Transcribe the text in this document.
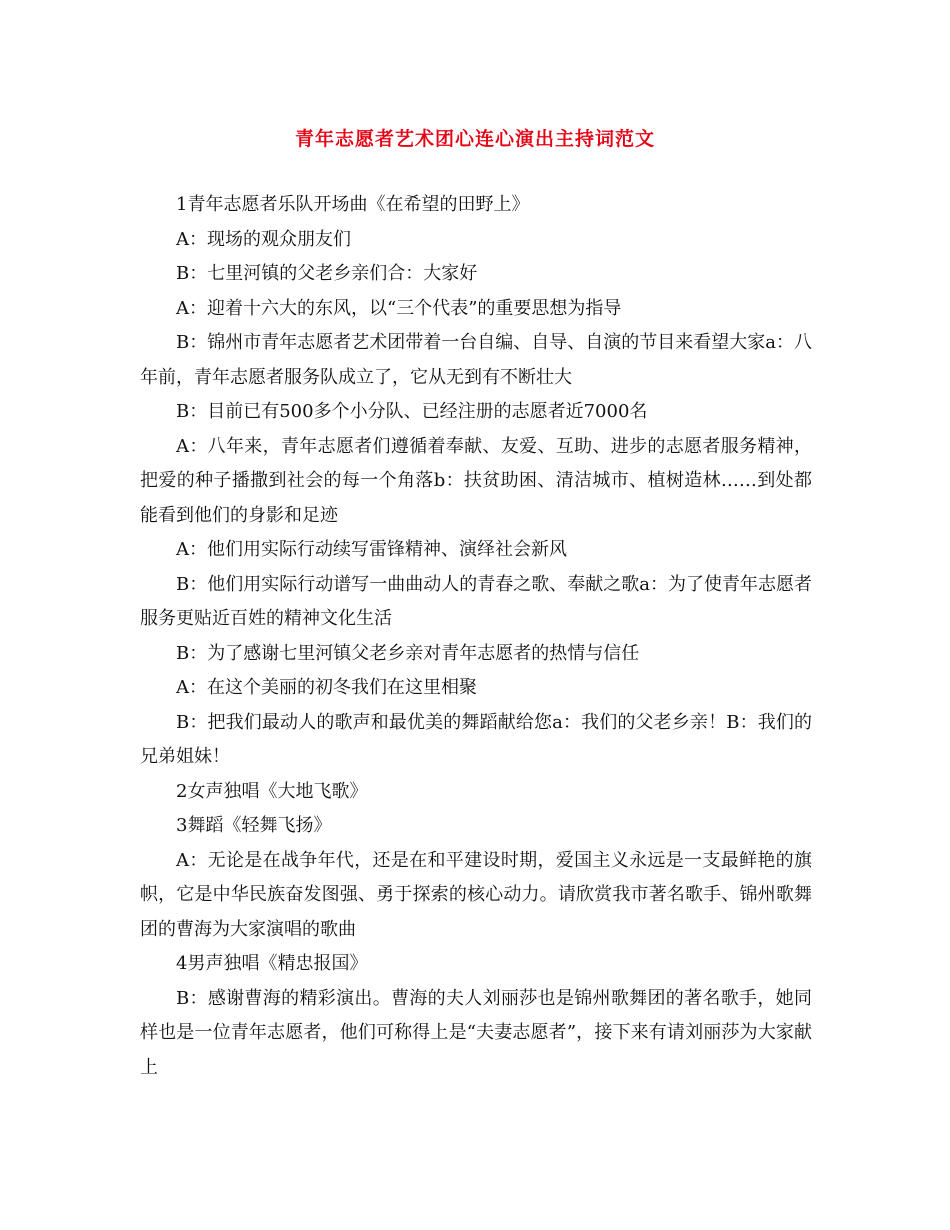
青年志愿者艺术团心连心演出主持词范文

1青年志愿者乐队开场曲《在希望的田野上》

A：现场的观众朋友们

B：七里河镇的父老乡亲们合：大家好

A：迎着十六大的东风，以“三个代表”的重要思想为指导

B：锦州市青年志愿者艺术团带着一台自编、自导、自演的节目来看望大家a：八年前，青年志愿者服务队成立了，它从无到有不断壮大

B：目前已有500多个小分队、已经注册的志愿者近7000名

A：八年来，青年志愿者们遵循着奉献、友爱、互助、进步的志愿者服务精神，把爱的种子播撒到社会的每一个角落b：扶贫助困、清洁城市、植树造林……到处都能看到他们的身影和足迹

A：他们用实际行动续写雷锋精神、演绎社会新风

B：他们用实际行动谱写一曲曲动人的青春之歌、奉献之歌a：为了使青年志愿者服务更贴近百姓的精神文化生活

B：为了感谢七里河镇父老乡亲对青年志愿者的热情与信任

A：在这个美丽的初冬我们在这里相聚

B：把我们最动人的歌声和最优美的舞蹈献给您a：我们的父老乡亲！B：我们的兄弟姐妹！

2女声独唱《大地飞歌》

3舞蹈《轻舞飞扬》

A：无论是在战争年代，还是在和平建设时期，爱国主义永远是一支最鲜艳的旗帜，它是中华民族奋发图强、勇于探索的核心动力。请欣赏我市著名歌手、锦州歌舞团的曹海为大家演唱的歌曲

4男声独唱《精忠报国》

B：感谢曹海的精彩演出。曹海的夫人刘丽莎也是锦州歌舞团的著名歌手，她同样也是一位青年志愿者，他们可称得上是“夫妻志愿者”，接下来有请刘丽莎为大家献上
